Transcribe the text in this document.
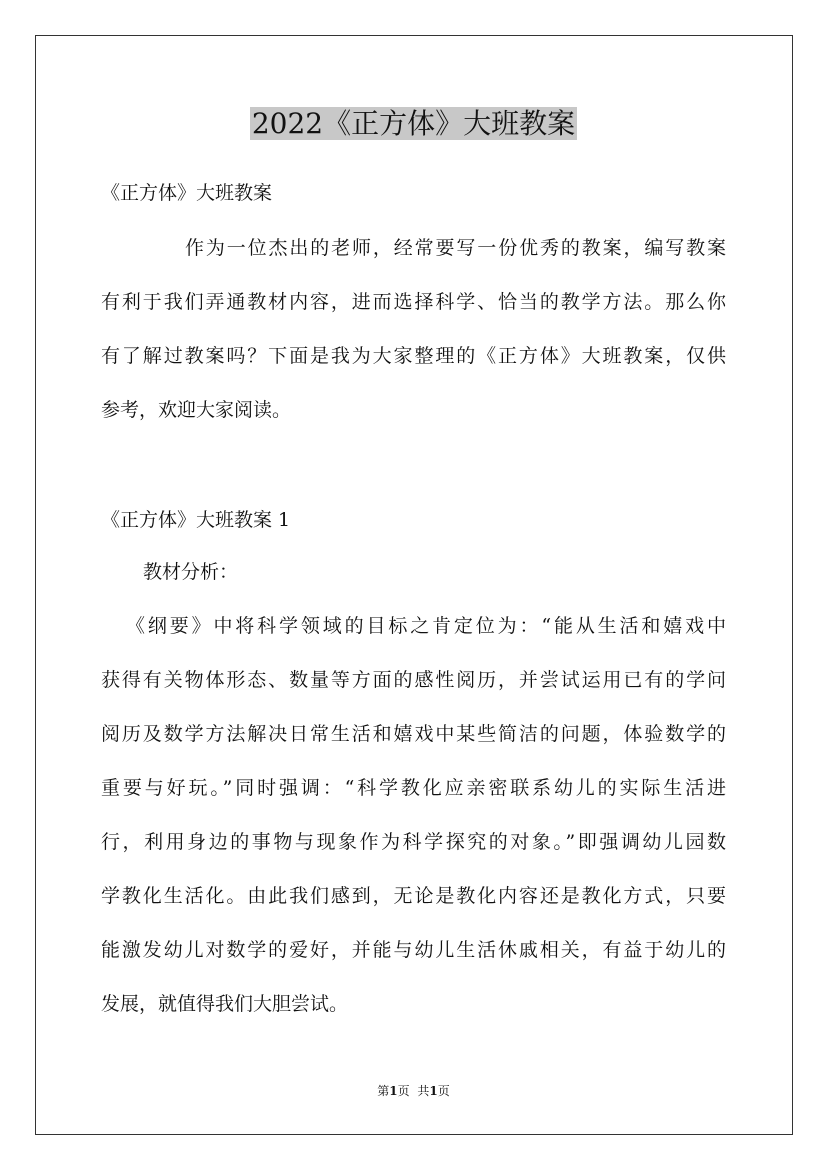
2022《正方体》大班教案
《正方体》大班教案
作为一位杰出的老师，经常要写一份优秀的教案，编写教案
有利于我们弄通教材内容，进而选择科学、恰当的教学方法。那么你
有了解过教案吗？下面是我为大家整理的《正方体》大班教案，仅供
参考，欢迎大家阅读。
《正方体》大班教案 1
教材分析：
《纲要》中将科学领域的目标之肯定位为：“能从生活和嬉戏中
获得有关物体形态、数量等方面的感性阅历，并尝试运用已有的学问
阅历及数学方法解决日常生活和嬉戏中某些简洁的问题，体验数学的
重要与好玩。”同时强调：“科学教化应亲密联系幼儿的实际生活进
行，利用身边的事物与现象作为科学探究的对象。”即强调幼儿园数
学教化生活化。由此我们感到，无论是教化内容还是教化方式，只要
能激发幼儿对数学的爱好，并能与幼儿生活休戚相关，有益于幼儿的
发展，就值得我们大胆尝试。
第1页 共1页
